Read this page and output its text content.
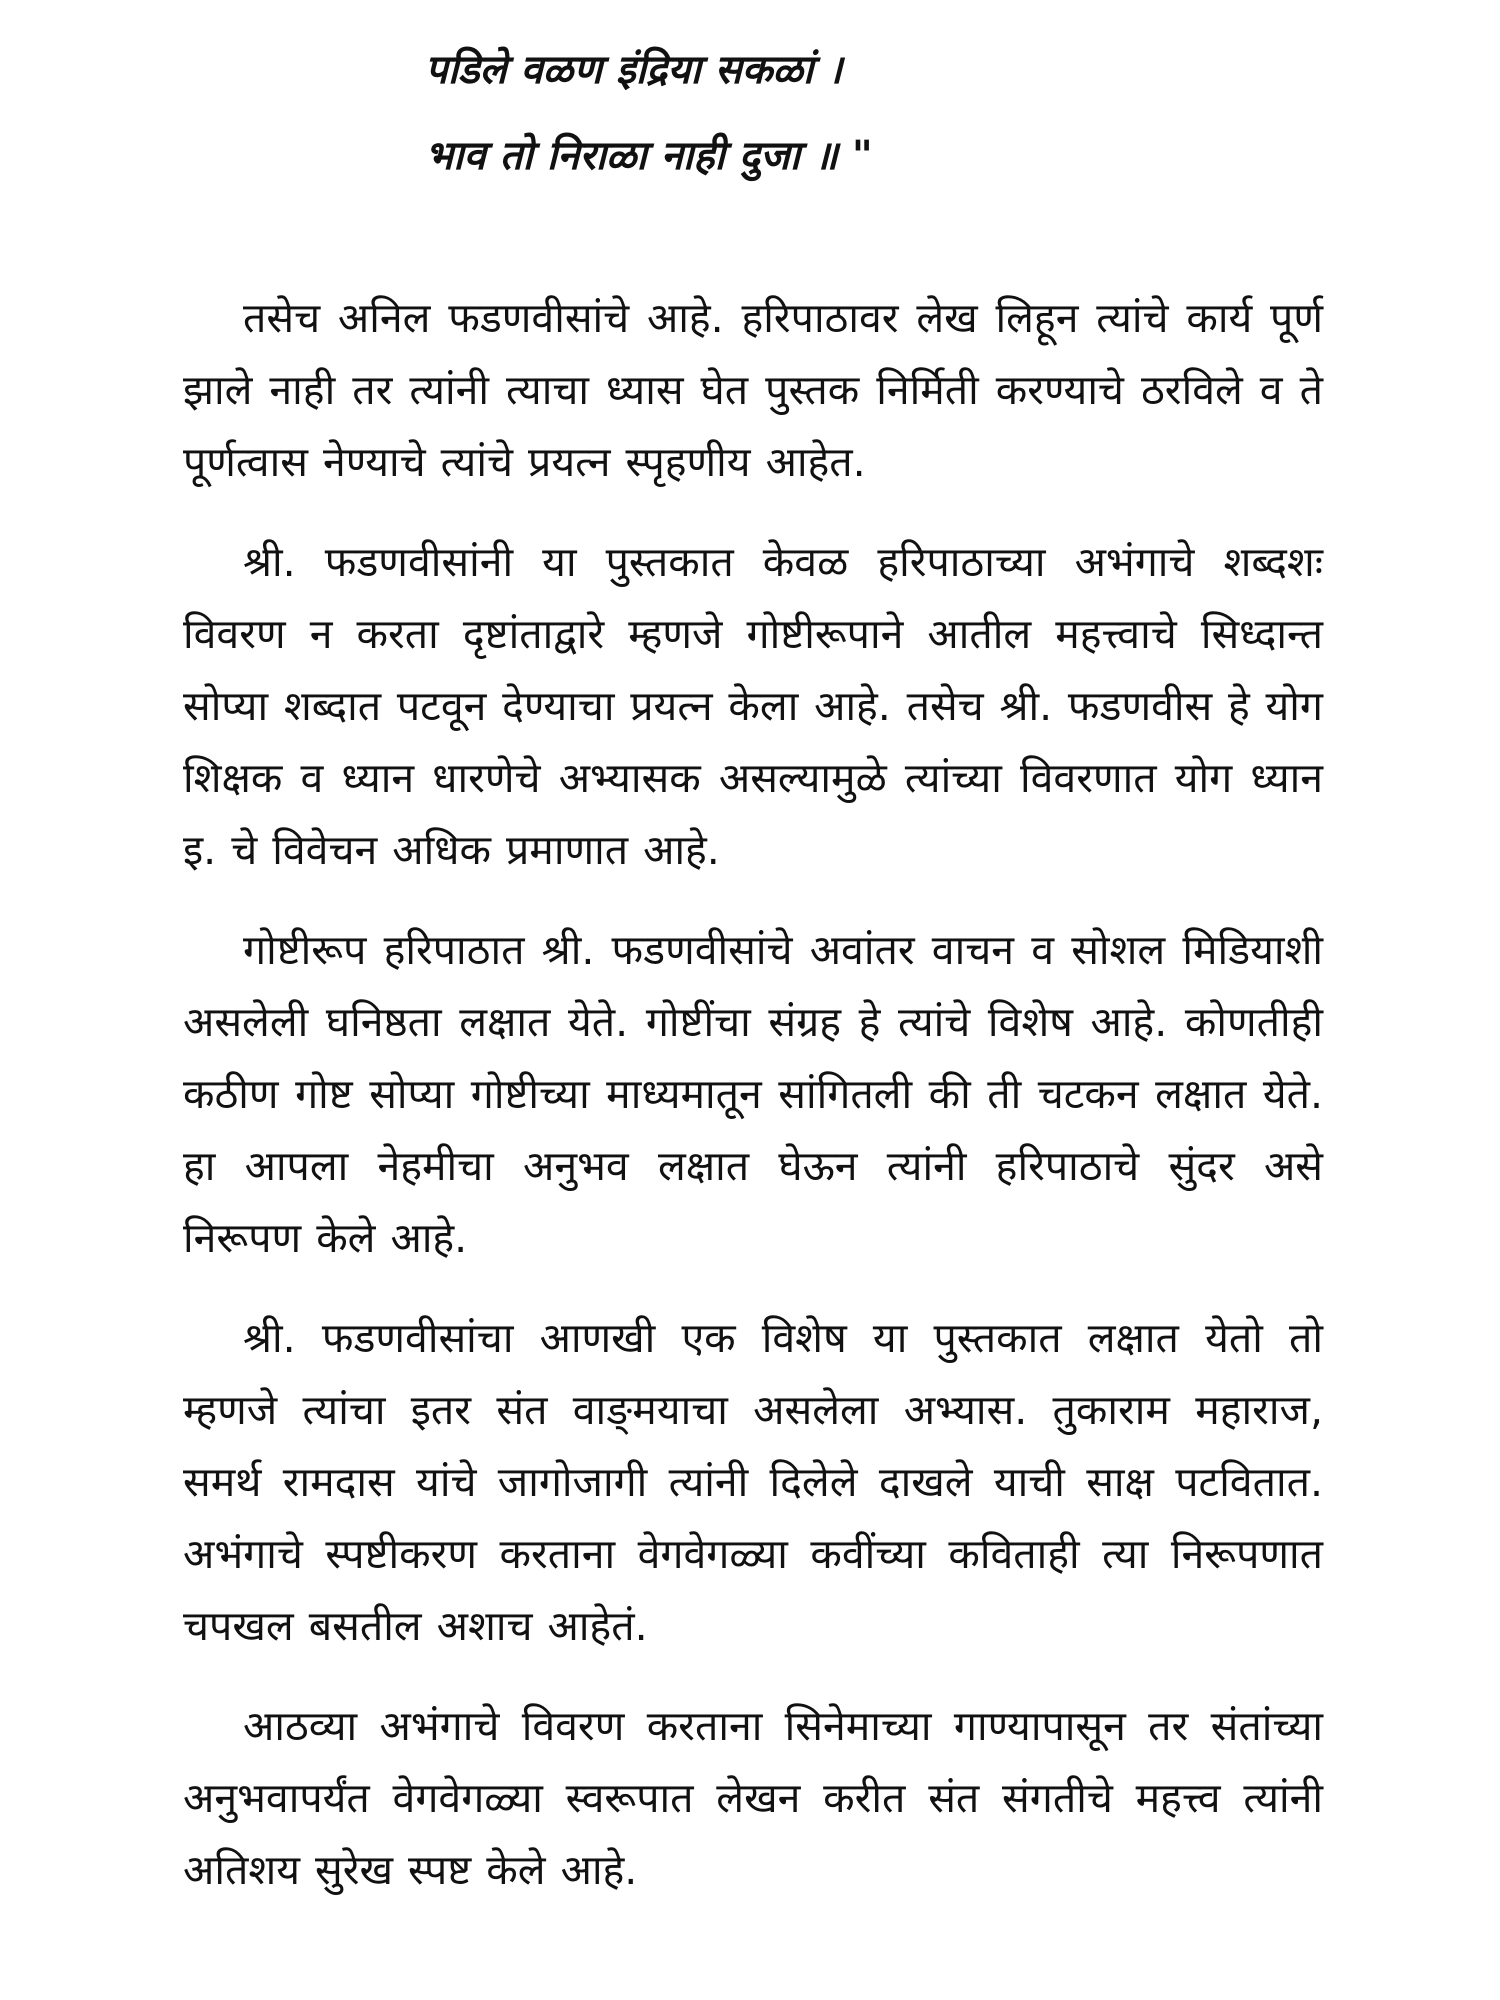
पडिले वळण इंद्रिया सकळां ।
भाव तो निराळा नाही दुजा ॥ "

तसेच अनिल फडणवीसांचे आहे. हरिपाठावर लेख लिहून त्यांचे कार्य पूर्ण झाले नाही तर त्यांनी त्याचा ध्यास घेत पुस्तक निर्मिती करण्याचे ठरविले व ते पूर्णत्वास नेण्याचे त्यांचे प्रयत्न स्पृहणीय आहेत.

श्री. फडणवीसांनी या पुस्तकात केवळ हरिपाठाच्या अभंगाचे शब्दशः विवरण न करता दृष्टांताद्वारे म्हणजे गोष्टीरूपाने आतील महत्त्वाचे सिध्दान्त सोप्या शब्दात पटवून देण्याचा प्रयत्न केला आहे. तसेच श्री. फडणवीस हे योग शिक्षक व ध्यान धारणेचे अभ्यासक असल्यामुळे त्यांच्या विवरणात योग ध्यान इ. चे विवेचन अधिक प्रमाणात आहे.

गोष्टीरूप हरिपाठात श्री. फडणवीसांचे अवांतर वाचन व सोशल मिडियाशी असलेली घनिष्ठता लक्षात येते. गोष्टींचा संग्रह हे त्यांचे विशेष आहे. कोणतीही कठीण गोष्ट सोप्या गोष्टीच्या माध्यमातून सांगितली की ती चटकन लक्षात येते. हा आपला नेहमीचा अनुभव लक्षात घेऊन त्यांनी हरिपाठाचे सुंदर असे निरूपण केले आहे.

श्री. फडणवीसांचा आणखी एक विशेष या पुस्तकात लक्षात येतो तो म्हणजे त्यांचा इतर संत वाङ्‌मयाचा असलेला अभ्यास. तुकाराम महाराज, समर्थ रामदास यांचे जागोजागी त्यांनी दिलेले दाखले याची साक्ष पटवितात. अभंगाचे स्पष्टीकरण करताना वेगवेगळ्या कवींच्या कविताही त्या निरूपणात चपखल बसतील अशाच आहेतं.

आठव्या अभंगाचे विवरण करताना सिनेमाच्या गाण्यापासून तर संतांच्या अनुभवापर्यंत वेगवेगळ्या स्वरूपात लेखन करीत संत संगतीचे महत्त्व त्यांनी अतिशय सुरेख स्पष्ट केले आहे.
